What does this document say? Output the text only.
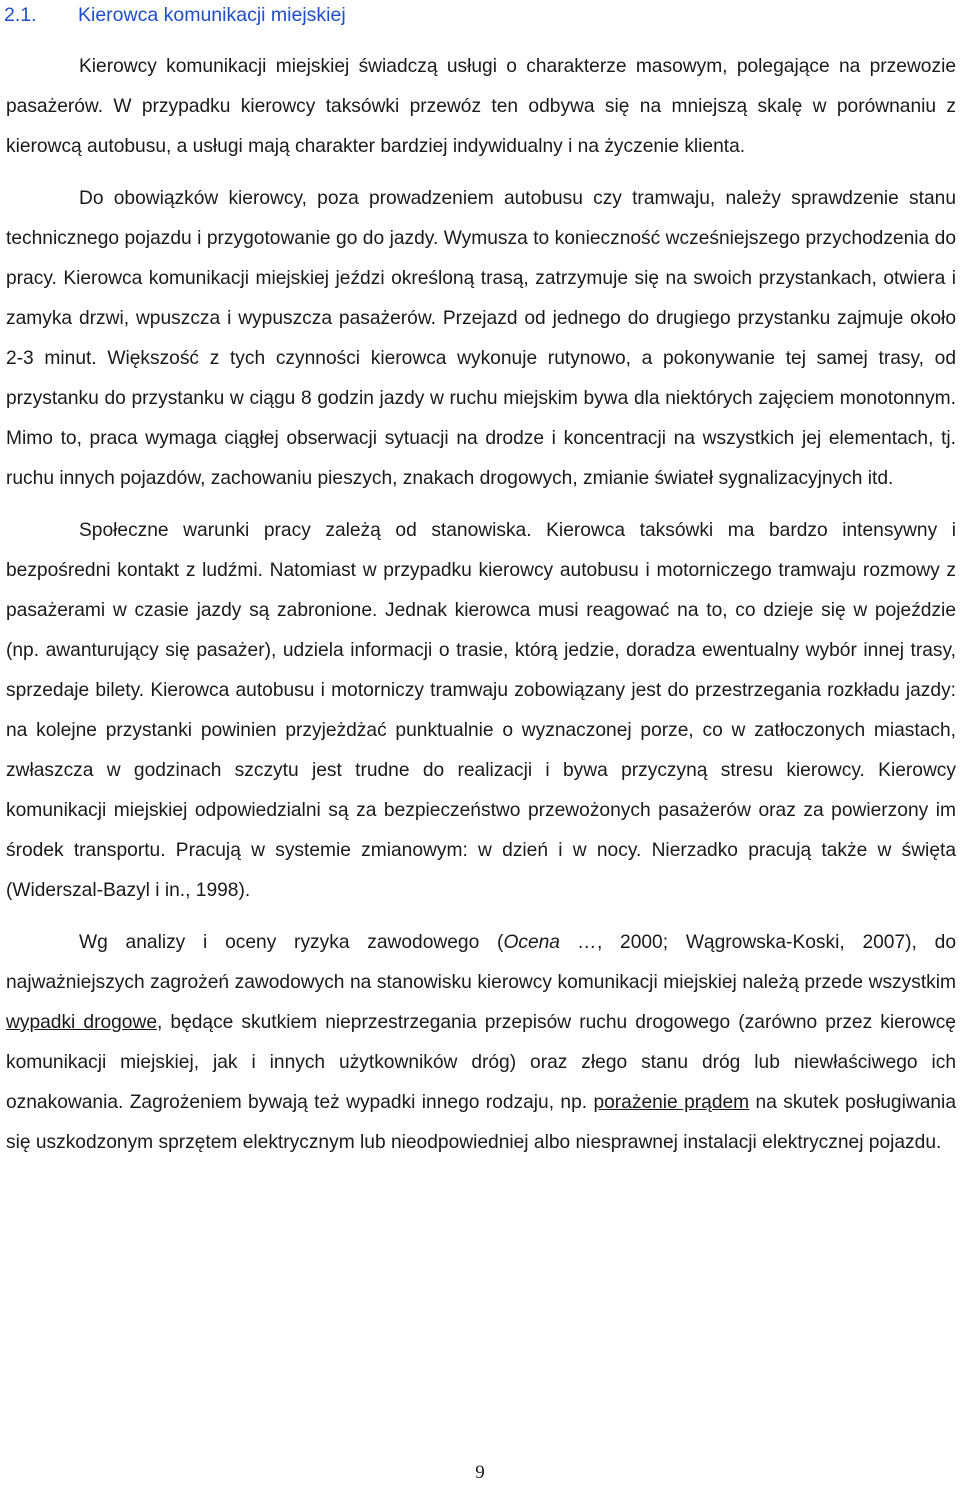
2.1. Kierowca komunikacji miejskiej

Kierowcy komunikacji miejskiej świadczą usługi o charakterze masowym, polegające na przewozie pasażerów. W przypadku kierowcy taksówki przewóz ten odbywa się na mniejszą skalę w porównaniu z kierowcą autobusu, a usługi mają charakter bardziej indywidualny i na życzenie klienta.

Do obowiązków kierowcy, poza prowadzeniem autobusu czy tramwaju, należy sprawdzenie stanu technicznego pojazdu i przygotowanie go do jazdy. Wymusza to konieczność wcześniejszego przychodzenia do pracy. Kierowca komunikacji miejskiej jeździ określoną trasą, zatrzymuje się na swoich przystankach, otwiera i zamyka drzwi, wpuszcza i wypuszcza pasażerów. Przejazd od jednego do drugiego przystanku zajmuje około 2-3 minut. Większość z tych czynności kierowca wykonuje rutynowo, a pokonywanie tej samej trasy, od przystanku do przystanku w ciągu 8 godzin jazdy w ruchu miejskim bywa dla niektórych zajęciem monotonnym. Mimo to, praca wymaga ciągłej obserwacji sytuacji na drodze i koncentracji na wszystkich jej elementach, tj. ruchu innych pojazdów, zachowaniu pieszych, znakach drogowych, zmianie świateł sygnalizacyjnych itd.

Społeczne warunki pracy zależą od stanowiska. Kierowca taksówki ma bardzo intensywny i bezpośredni kontakt z ludźmi. Natomiast w przypadku kierowcy autobusu i motorniczego tramwaju rozmowy z pasażerami w czasie jazdy są zabronione. Jednak kierowca musi reagować na to, co dzieje się w pojeździe (np. awanturujący się pasażer), udziela informacji o trasie, którą jedzie, doradza ewentualny wybór innej trasy, sprzedaje bilety. Kierowca autobusu i motorniczy tramwaju zobowiązany jest do przestrzegania rozkładu jazdy: na kolejne przystanki powinien przyjeżdżać punktualnie o wyznaczonej porze, co w zatłoczonych miastach, zwłaszcza w godzinach szczytu jest trudne do realizacji i bywa przyczyną stresu kierowcy. Kierowcy komunikacji miejskiej odpowiedzialni są za bezpieczeństwo przewożonych pasażerów oraz za powierzony im środek transportu. Pracują w systemie zmianowym: w dzień i w nocy. Nierzadko pracują także w święta (Widerszal-Bazyl i in., 1998).

Wg analizy i oceny ryzyka zawodowego (Ocena …, 2000; Wągrowska-Koski, 2007), do najważniejszych zagrożeń zawodowych na stanowisku kierowcy komunikacji miejskiej należą przede wszystkim wypadki drogowe, będące skutkiem nieprzestrzegania przepisów ruchu drogowego (zarówno przez kierowcę komunikacji miejskiej, jak i innych użytkowników dróg) oraz złego stanu dróg lub niewłaściwego ich oznakowania. Zagrożeniem bywają też wypadki innego rodzaju, np. porażenie prądem na skutek posługiwania się uszkodzonym sprzętem elektrycznym lub nieodpowiedniej albo niesprawnej instalacji elektrycznej pojazdu.

9
